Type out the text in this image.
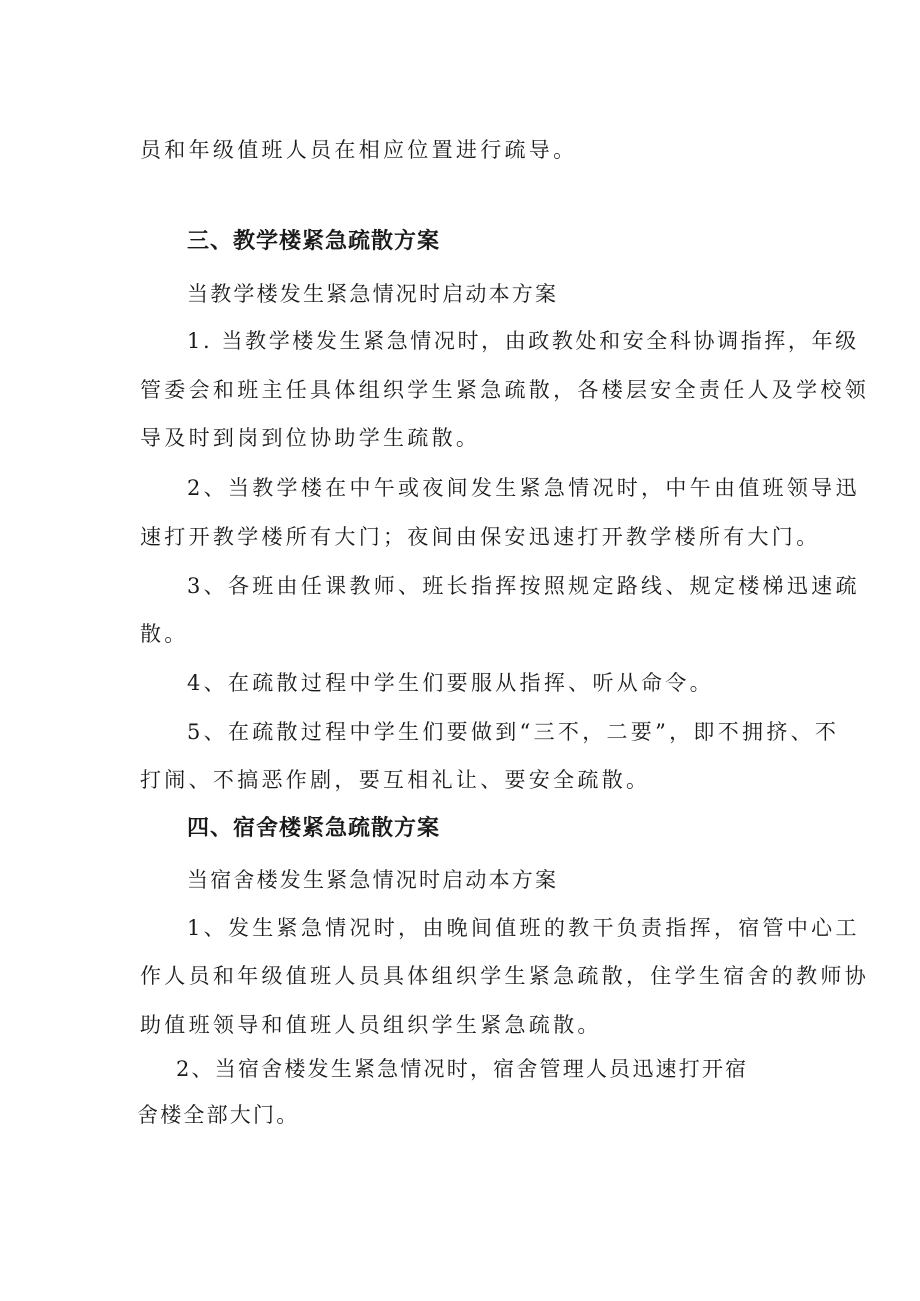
员和年级值班人员在相应位置进行疏导。
三、教学楼紧急疏散方案
当教学楼发生紧急情况时启动本方案
1. 当教学楼发生紧急情况时，由政教处和安全科协调指挥，年级
管委会和班主任具体组织学生紧急疏散，各楼层安全责任人及学校领
导及时到岗到位协助学生疏散。
2、当教学楼在中午或夜间发生紧急情况时，中午由值班领导迅
速打开教学楼所有大门；夜间由保安迅速打开教学楼所有大门。
3、各班由任课教师、班长指挥按照规定路线、规定楼梯迅速疏
散。
4、在疏散过程中学生们要服从指挥、听从命令。
5、在疏散过程中学生们要做到“三不，二要”，即不拥挤、不
打闹、不搞恶作剧，要互相礼让、要安全疏散。
四、宿舍楼紧急疏散方案
当宿舍楼发生紧急情况时启动本方案
1、发生紧急情况时，由晚间值班的教干负责指挥，宿管中心工
作人员和年级值班人员具体组织学生紧急疏散，住学生宿舍的教师协
助值班领导和值班人员组织学生紧急疏散。
2、当宿舍楼发生紧急情况时，宿舍管理人员迅速打开宿
舍楼全部大门。
